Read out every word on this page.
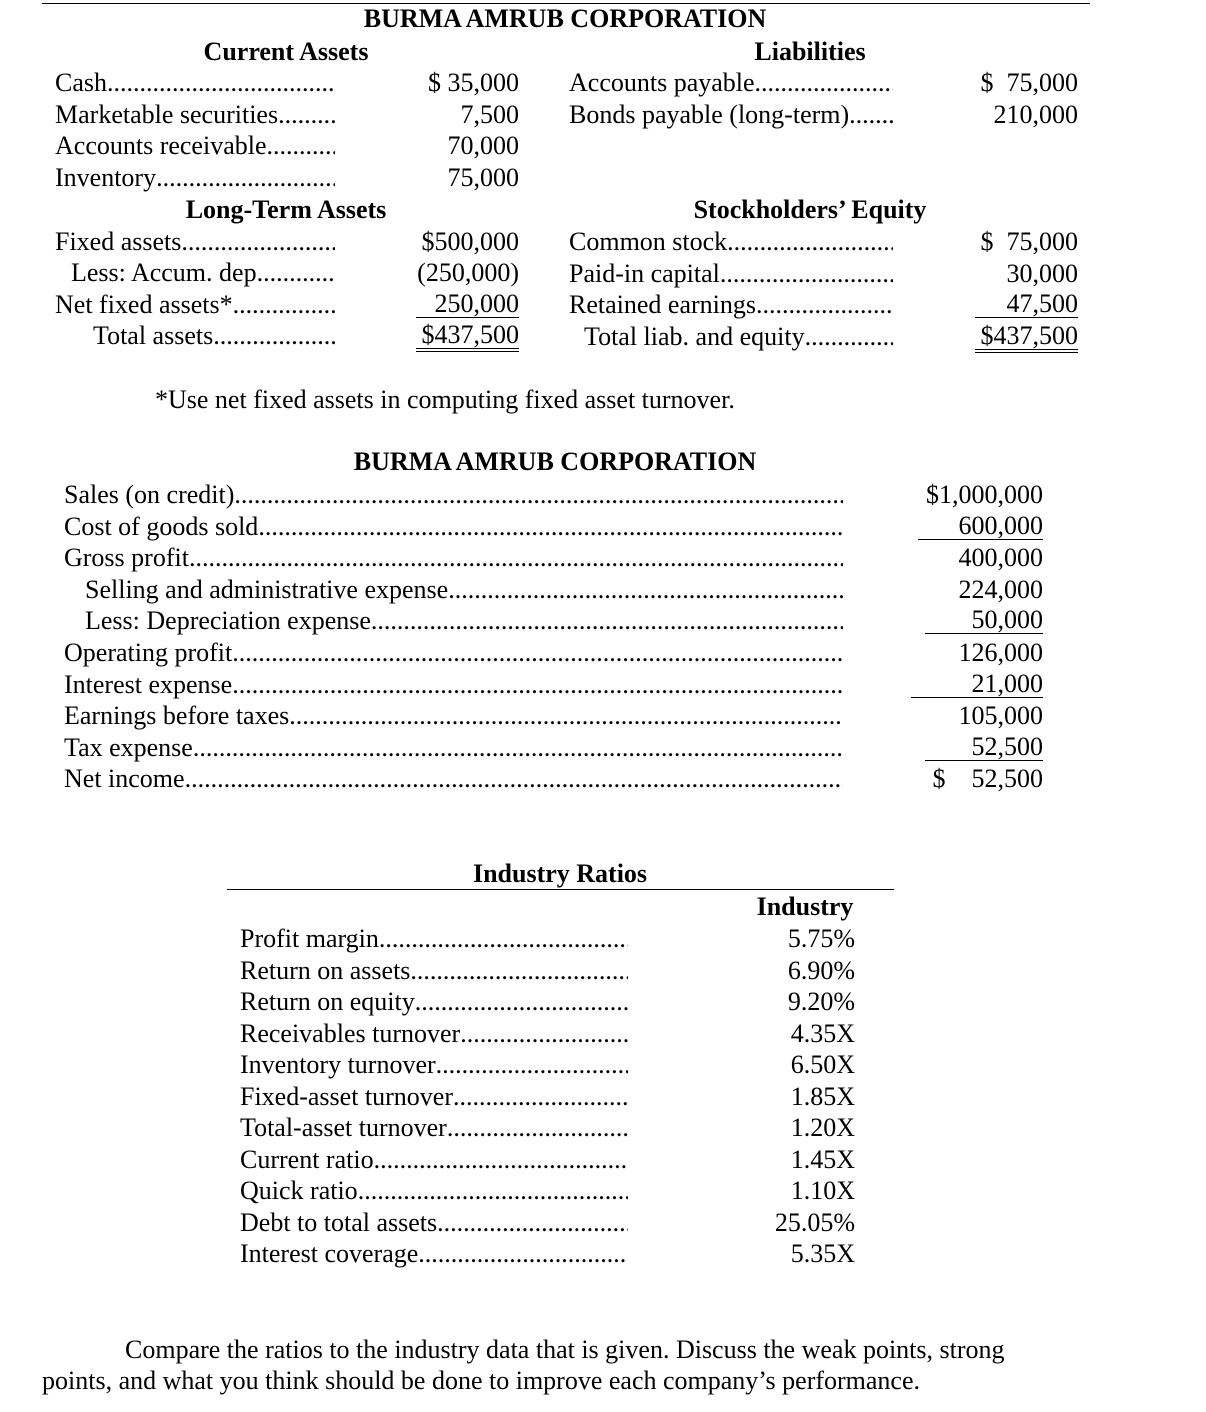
BURMA AMRUB CORPORATION
Current Assets	Liabilities
Long-Term Assets	Stockholders’ Equity
Cash .....	$ 35,000
Marketable securities .....	7,500
Accounts receivable .....	70,000
Inventory .....	75,000
Fixed assets .....	$500,000
Less: Accum. dep. .....	(250,000)
Net fixed assets* .....	250,000
Total assets .....	$437,500
Accounts payable .....	$  75,000
Bonds payable (long-term) .....	210,000
Common stock .....	$  75,000
Paid-in capital .....	30,000
Retained earnings .....	47,500
Total liab. and equity .....	$437,500
*Use net fixed assets in computing fixed asset turnover.
BURMA AMRUB CORPORATION
Sales (on credit) .....	$1,000,000
Cost of goods sold .....	600,000
Gross profit .....	400,000
Selling and administrative expense .....	224,000
Less: Depreciation expense .....	50,000
Operating profit .....	126,000
Interest expense .....	21,000
Earnings before taxes .....	105,000
Tax expense .....	52,500
Net income .....	$    52,500
Industry Ratios
Industry
Profit margin .....	5.75%
Return on assets .....	6.90%
Return on equity .....	9.20%
Receivables turnover .....	4.35X
Inventory turnover .....	6.50X
Fixed-asset turnover .....	1.85X
Total-asset turnover .....	1.20X
Current ratio .....	1.45X
Quick ratio .....	1.10X
Debt to total assets .....	25.05%
Interest coverage .....	5.35X
Compare the ratios to the industry data that is given. Discuss the weak points, strong
points, and what you think should be done to improve each company’s performance.
